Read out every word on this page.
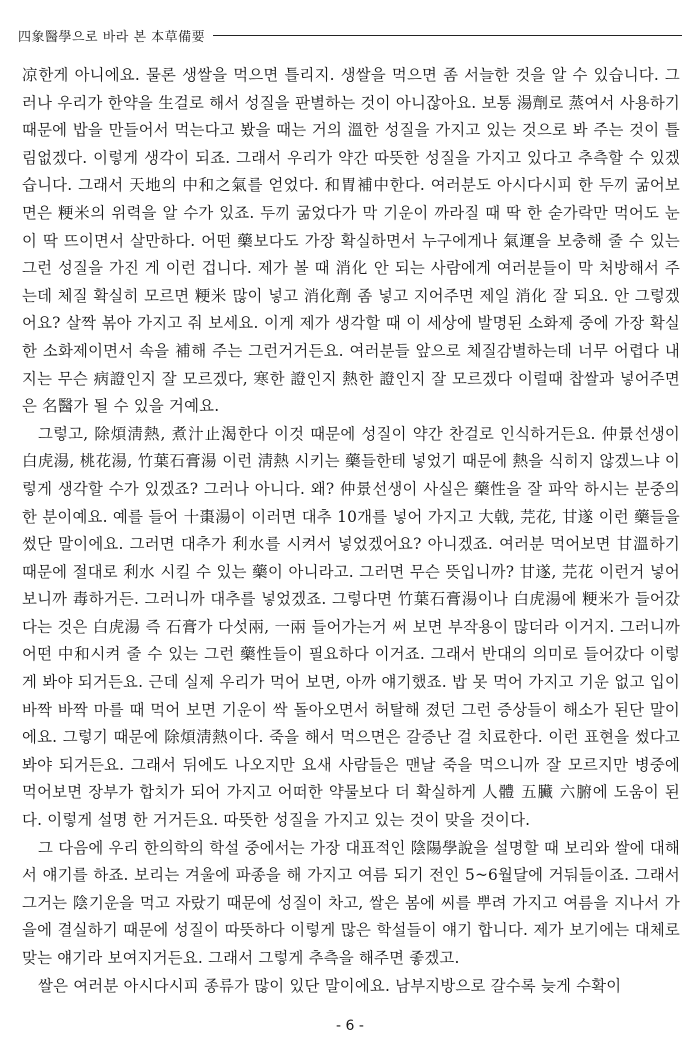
四象醫學으로 바라 본 本草備要

凉한게 아니에요. 물론 생쌀을 먹으면 틀리지. 생쌀을 먹으면 좀 서늘한 것을 알 수 있습니다. 그러나 우리가 한약을 生걸로 해서 성질을 판별하는 것이 아니잖아요. 보통 湯劑로 蒸여서 사용하기 때문에 밥을 만들어서 먹는다고 봤을 때는 거의 溫한 성질을 가지고 있는 것으로 봐 주는 것이 틀림없겠다. 이렇게 생각이 되죠. 그래서 우리가 약간 따뜻한 성질을 가지고 있다고 추측할 수 있겠습니다. 그래서 天地의 中和之氣를 얻었다. 和胃補中한다. 여러분도 아시다시피 한 두끼 굶어보면은 粳米의 위력을 알 수가 있죠. 두끼 굶었다가 막 기운이 까라질 때 딱 한 숟가락만 먹어도 눈이 딱 뜨이면서 살만하다. 어떤 藥보다도 가장 확실하면서 누구에게나 氣運을 보충해 줄 수 있는 그런 성질을 가진 게 이런 겁니다. 제가 볼 때 消化 안 되는 사람에게 여러분들이 막 처방해서 주는데 체질 확실히 모르면 粳米 많이 넣고 消化劑 좀 넣고 지어주면 제일 消化 잘 되요. 안 그렇겠어요? 살짝 볶아 가지고 줘 보세요. 이게 제가 생각할 때 이 세상에 발명된 소화제 중에 가장 확실한 소화제이면서 속을 補해 주는 그런거거든요. 여러분들 앞으로 체질감별하는데 너무 어렵다 내지는 무슨 病證인지 잘 모르겠다, 寒한 證인지 熱한 證인지 잘 모르겠다 이럴때 찹쌀과 넣어주면은 名醫가 될 수 있을 거예요.

그렇고, 除煩淸熱, 煮汁止渴한다 이것 때문에 성질이 약간 찬걸로 인식하거든요. 仲景선생이 白虎湯, 桃花湯, 竹葉石膏湯 이런 淸熱 시키는 藥들한테 넣었기 때문에 熱을 식히지 않겠느냐 이렇게 생각할 수가 있겠죠? 그러나 아니다. 왜? 仲景선생이 사실은 藥性을 잘 파악 하시는 분중의 한 분이예요. 예를 들어 十棗湯이 이러면 대추 10개를 넣어 가지고 大戟, 芫花, 甘遂 이런 藥들을 썼단 말이에요. 그러면 대추가 利水를 시켜서 넣었겠어요? 아니겠죠. 여러분 먹어보면 甘溫하기 때문에 절대로 利水 시킬 수 있는 藥이 아니라고. 그러면 무슨 뜻입니까? 甘遂, 芫花 이런거 넣어보니까 毒하거든. 그러니까 대추를 넣었겠죠. 그렇다면 竹葉石膏湯이나 白虎湯에 粳米가 들어갔다는 것은 白虎湯 즉 石膏가 다섯兩, 一兩 들어가는거 써 보면 부작용이 많더라 이거지. 그러니까 어떤 中和시켜 줄 수 있는 그런 藥性들이 필요하다 이거죠. 그래서 반대의 의미로 들어갔다 이렇게 봐야 되거든요. 근데 실제 우리가 먹어 보면, 아까 얘기했죠. 밥 못 먹어 가지고 기운 없고 입이 바짝 바짝 마를 때 먹어 보면 기운이 싹 돌아오면서 허탈해 졌던 그런 증상들이 해소가 된단 말이에요. 그렇기 때문에 除煩淸熱이다. 죽을 해서 먹으면은 갈증난 걸 치료한다. 이런 표현을 썼다고 봐야 되거든요. 그래서 뒤에도 나오지만 요새 사람들은 맨날 죽을 먹으니까 잘 모르지만 병중에 먹어보면 장부가 합치가 되어 가지고 어떠한 약물보다 더 확실하게 人體 五臟 六腑에 도움이 된다. 이렇게 설명 한 거거든요. 따뜻한 성질을 가지고 있는 것이 맞을 것이다.

그 다음에 우리 한의학의 학설 중에서는 가장 대표적인 陰陽學說을 설명할 때 보리와 쌀에 대해서 얘기를 하죠. 보리는 겨울에 파종을 해 가지고 여름 되기 전인 5~6월달에 거둬들이죠. 그래서 그거는 陰기운을 먹고 자랐기 때문에 성질이 차고, 쌀은 봄에 씨를 뿌려 가지고 여름을 지나서 가을에 결실하기 때문에 성질이 따뜻하다 이렇게 많은 학설들이 얘기 합니다. 제가 보기에는 대체로 맞는 얘기라 보여지거든요. 그래서 그렇게 추측을 해주면 좋겠고.

쌀은 여러분 아시다시피 종류가 많이 있단 말이에요. 남부지방으로 갈수록 늦게 수확이

- 6 -
